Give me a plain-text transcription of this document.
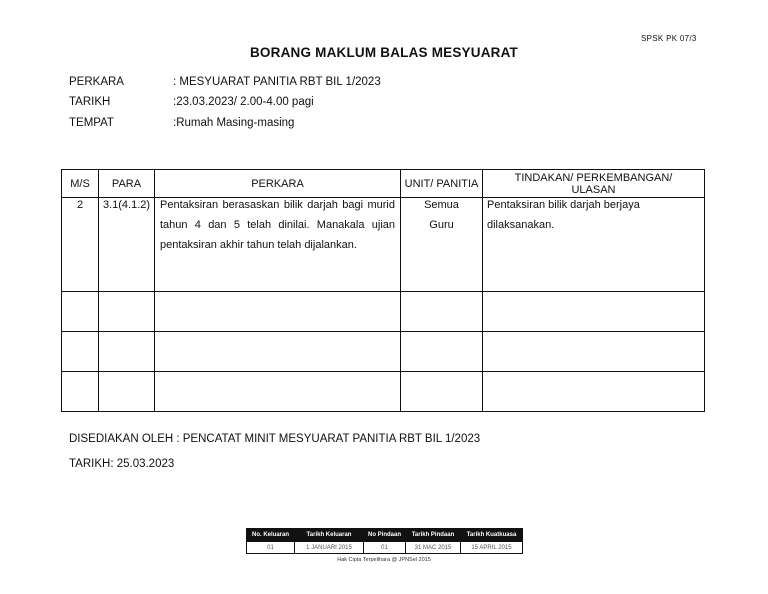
SPSK PK 07/3
BORANG MAKLUM BALAS MESYUARAT
PERKARA	: MESYUARAT PANITIA RBT BIL 1/2023
TARIKH	:23.03.2023/ 2.00-4.00 pagi
TEMPAT	:Rumah Masing-masing
M/S	PARA	PERKARA	UNIT/ PANITIA	TINDAKAN/ PERKEMBANGAN/ ULASAN

2	3.1(4.1.2)	Pentaksiran berasaskan bilik darjah bagi murid tahun 4 dan 5 telah dinilai. Manakala ujian pentaksiran akhir tahun telah dijalankan.	Semua Guru	Pentaksiran bilik darjah berjaya dilaksanakan.

DISEDIAKAN OLEH : PENCATAT MINIT MESYUARAT PANITIA RBT BIL 1/2023
TARIKH: 25.03.2023
No. Keluaran	Tarikh Keluaran	No Pindaan	Tarikh Pindaan	Tarikh Kuatkuasa
01	1 JANUARI 2015	01	31 MAC 2015	15 APRIL 2015
Hak Cipta Terpelihara @ JPNSel 2015
